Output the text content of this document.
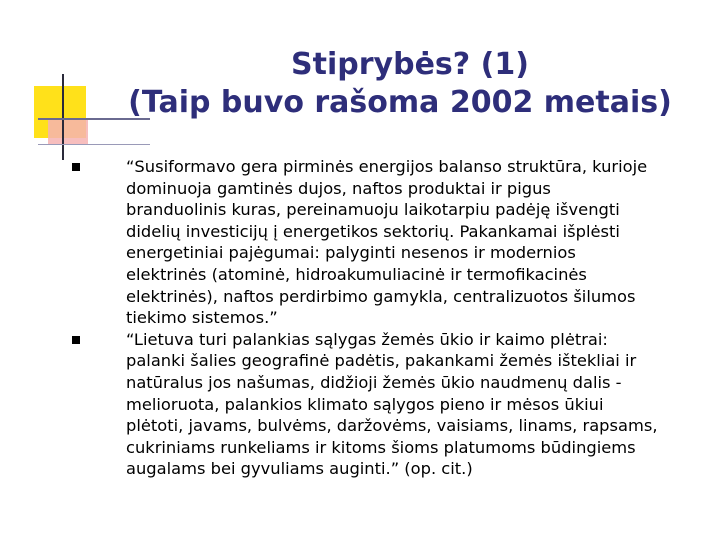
Stiprybės? (1)
(Taip buvo rašoma 2002 metais)
“Susiformavo gera pirminės energijos balanso struktūra, kurioje
dominuoja gamtinės dujos, naftos produktai ir pigus
branduolinis kuras, pereinamuoju laikotarpiu padėję išvengti
didelių investicijų į energetikos sektorių. Pakankamai išplėsti
energetiniai pajėgumai: palyginti nesenos ir modernios
elektrinės (atominė, hidroakumuliacinė ir termofikacinės
elektrinės), naftos perdirbimo gamykla, centralizuotos šilumos
tiekimo sistemos.”
“Lietuva turi palankias sąlygas žemės ūkio ir kaimo plėtrai:
palanki šalies geografinė padėtis, pakankami žemės ištekliai ir
natūralus jos našumas, didžioji žemės ūkio naudmenų dalis -
melioruota, palankios klimato sąlygos pieno ir mėsos ūkiui
plėtoti, javams, bulvėms, daržovėms, vaisiams, linams, rapsams,
cukriniams runkeliams ir kitoms šioms platumoms būdingiems
augalams bei gyvuliams auginti.” (op. cit.)
